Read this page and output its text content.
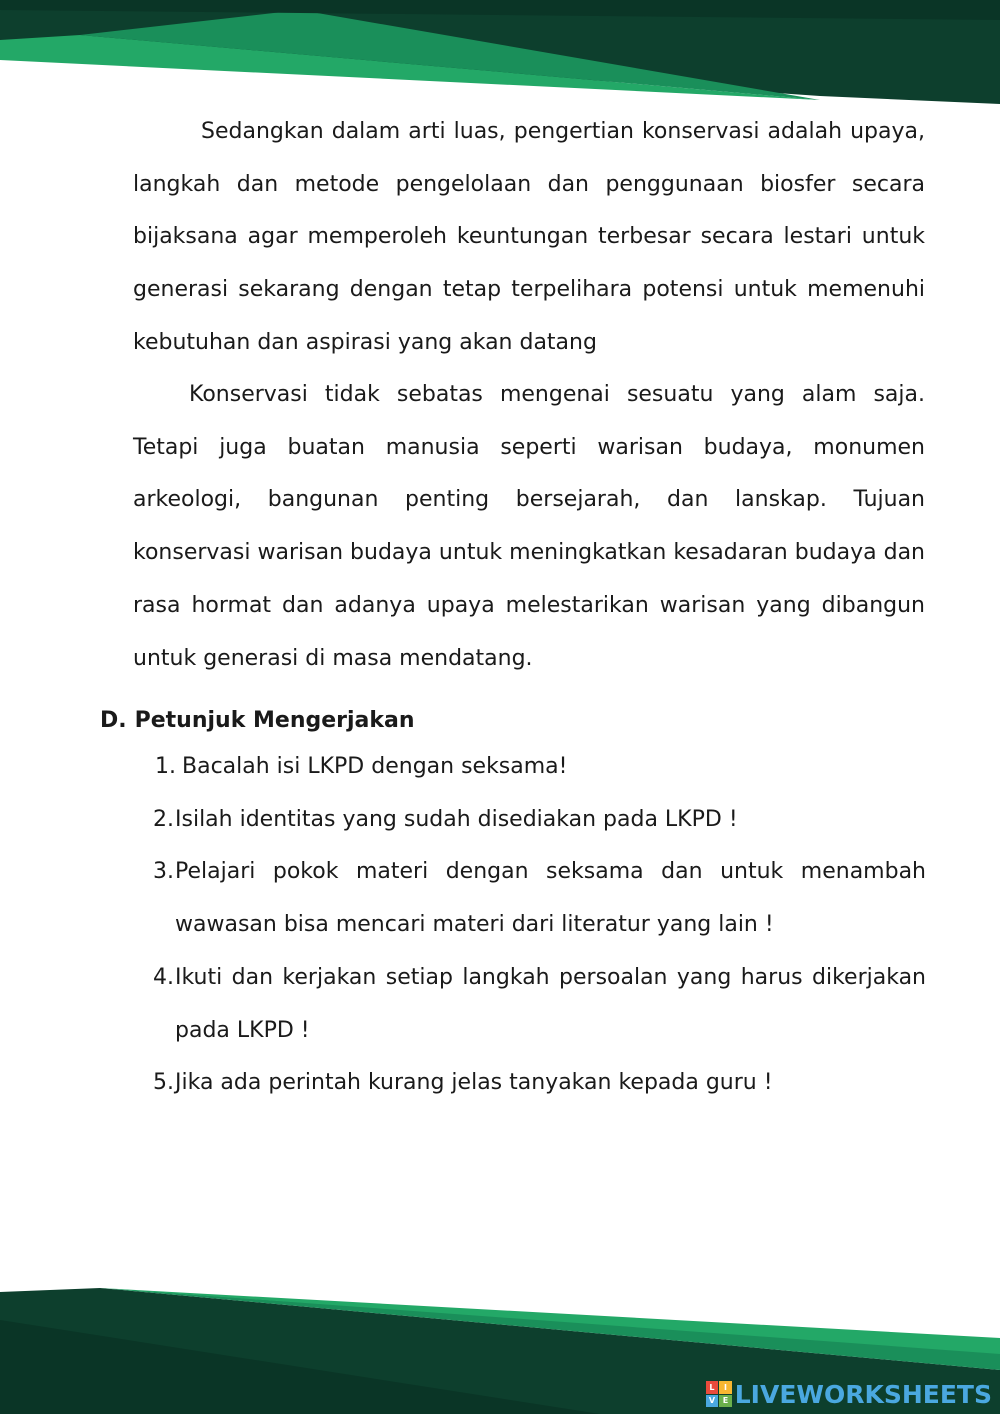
Sedangkan dalam arti luas, pengertian konservasi adalah upaya, langkah dan metode pengelolaan dan penggunaan biosfer secara bijaksana agar memperoleh keuntungan terbesar secara lestari untuk generasi sekarang dengan tetap terpelihara potensi untuk memenuhi kebutuhan dan aspirasi yang akan datang

Konservasi tidak sebatas mengenai sesuatu yang alam saja. Tetapi juga buatan manusia seperti warisan budaya, monumen arkeologi, bangunan penting bersejarah, dan lanskap. Tujuan konservasi warisan budaya untuk meningkatkan kesadaran budaya dan rasa hormat dan adanya upaya melestarikan warisan yang dibangun untuk generasi di masa mendatang.

D. Petunjuk Mengerjakan
1. Bacalah isi LKPD dengan seksama!
2. Isilah identitas yang sudah disediakan pada LKPD !
3. Pelajari pokok materi dengan seksama dan untuk menambah wawasan bisa mencari materi dari literatur yang lain !
4. Ikuti dan kerjakan setiap langkah persoalan yang harus dikerjakan pada LKPD !
5. Jika ada perintah kurang jelas tanyakan kepada guru !
L	I
V E LIVEWORKSHEETS
